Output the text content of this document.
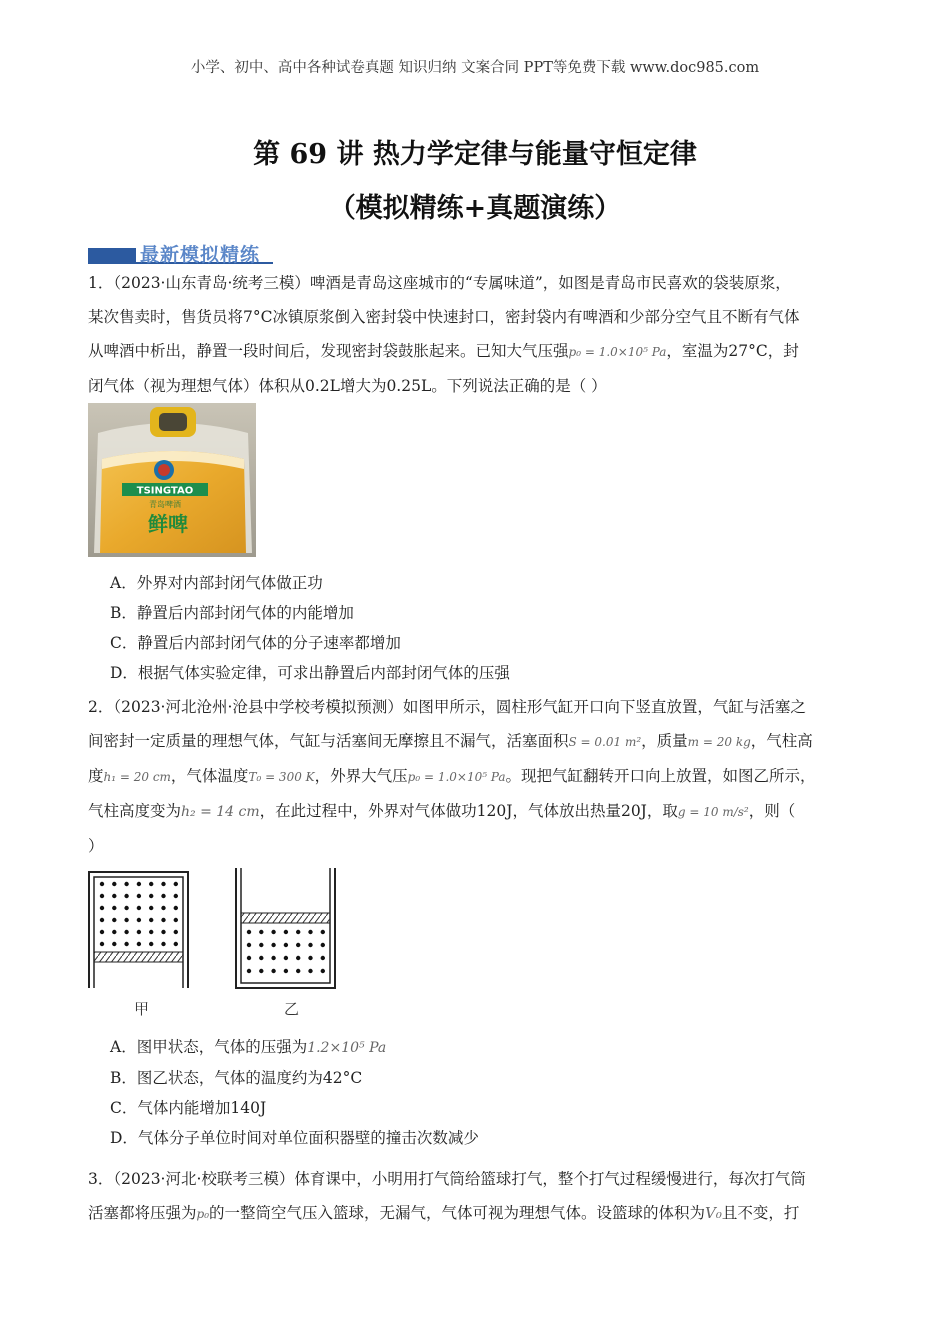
小学、初中、高中各种试卷真题 知识归纳 文案合同 PPT等免费下载 www.doc985.com
第 69 讲 热力学定律与能量守恒定律
（模拟精练+真题演练）
最新模拟精练
1．（2023·山东青岛·统考三模）啤酒是青岛这座城市的“专属味道”，如图是青岛市民喜欢的袋装原浆，
某次售卖时，售货员将7°C冰镇原浆倒入密封袋中快速封口，密封袋内有啤酒和少部分空气且不断有气体
从啤酒中析出，静置一段时间后，发现密封袋鼓胀起来。已知大气压强p₀ = 1.0×10⁵ Pa，室温为27°C，封
闭气体（视为理想气体）体积从0.2L增大为0.25L。下列说法正确的是（ ）
TSINGTAO
青岛啤酒
鲜啤
A．外界对内部封闭气体做正功
B．静置后内部封闭气体的内能增加
C．静置后内部封闭气体的分子速率都增加
D．根据气体实验定律，可求出静置后内部封闭气体的压强
2．（2023·河北沧州·沧县中学校考模拟预测）如图甲所示，圆柱形气缸开口向下竖直放置，气缸与活塞之
间密封一定质量的理想气体，气缸与活塞间无摩擦且不漏气，活塞面积S = 0.01 m²，质量m = 20 kg，气柱高
度h₁ = 20 cm，气体温度T₀ = 300 K，外界大气压p₀ = 1.0×10⁵ Pa。现把气缸翻转开口向上放置，如图乙所示，
气柱高度变为h₂ = 14 cm，在此过程中，外界对气体做功120J，气体放出热量20J，取g = 10 m/s²，则（
）
甲	乙
A．图甲状态，气体的压强为1.2×10⁵ Pa
B．图乙状态，气体的温度约为42°C
C．气体内能增加140J
D．气体分子单位时间对单位面积器壁的撞击次数减少
3．（2023·河北·校联考三模）体育课中，小明用打气筒给篮球打气，整个打气过程缓慢进行，每次打气筒
活塞都将压强为p₀的一整筒空气压入篮球，无漏气，气体可视为理想气体。设篮球的体积为V₀且不变，打
